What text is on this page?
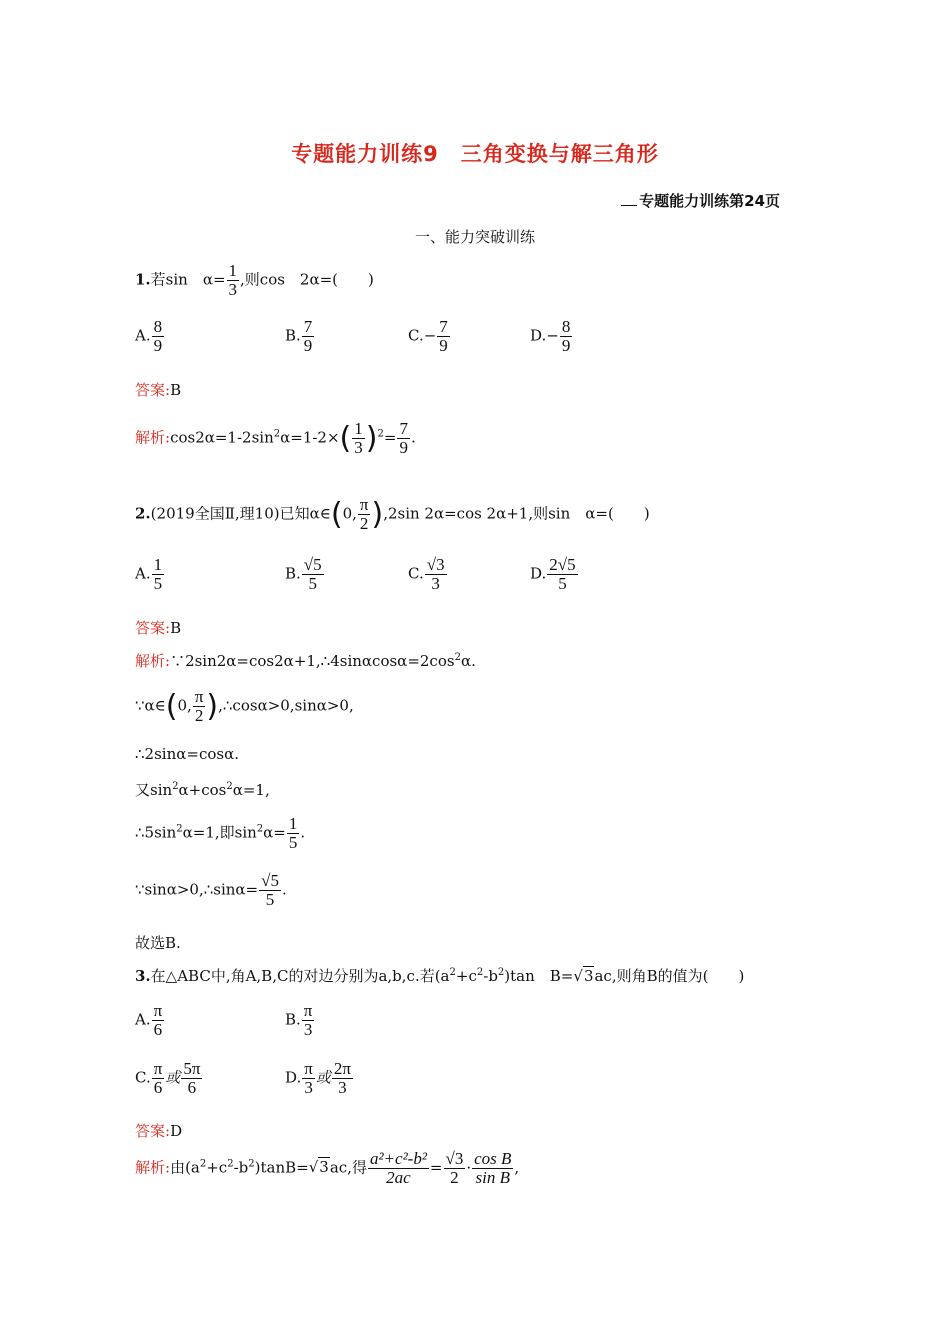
专题能力训练9　三角变换与解三角形
专题能力训练第24页
一、能力突破训练
1.若sin　$\alpha= \frac{1}{3}$ ,则cos　2α=(　　)
A. $\frac{8}{9}$	B. $\frac{7}{9}$	$C.- \frac{7}{9}$	$D.- \frac{8}{9}$
答案:B
解析$:\cos 2\alpha=1-2\sin^2\alpha=1-2\times( \frac{1}{3} )^2= \frac{7}{9}$ .
2.(2019全国Ⅱ,理10)已知α∈(0, $\frac{\pi}{2} ),2\sin$ 2α=cos 2α+1,则sin　α=(　　)
A. $\frac{1}{5}$	B. $\frac{√5}{5}$	C. $\frac{√3}{3}$	D. $\frac{2√5}{5}$
答案:B
解析$:\because 2\sin 2\alpha=\cos 2\alpha+1,\therefore 4\sin\alpha\cos\alpha=2\cos^2\alpha$.
∵α∈(0, $\frac{\pi}{2}$ ),∴cosα>0,sinα>0,
∴2sinα=cosα.
又$\sin^2\alpha+\cos^2\alpha=1$,
$\therefore 5\sin^2\alpha=1$,即$\sin^2\alpha= \frac{1}{5}$ .
∵sinα>0,∴sinα= $\frac{√5}{5}$ .
故选B.
3.在△ABC中,角A,B,C的对边分别为a,b,c.若$(a^2+c^2-b^2)\tan$　B=√3ac,则角B的值为(　　)
A. $\frac{\pi}{6}$	B. $\frac{\pi}{3}$
C. $\frac{\pi}{6}$ 或 $\frac{5\pi}{6}$	D. $\frac{\pi}{3}$ 或 $\frac{2\pi}{3}$
答案:D
解析:由$(a^2+c^2-b^2)\tan B=√3ac$,得 $\frac{\text{a²+c²-b²}}{2ac} = \frac{√3}{2} \cdot \frac{\text{cos B}}{\text{sin B}}$ ,
